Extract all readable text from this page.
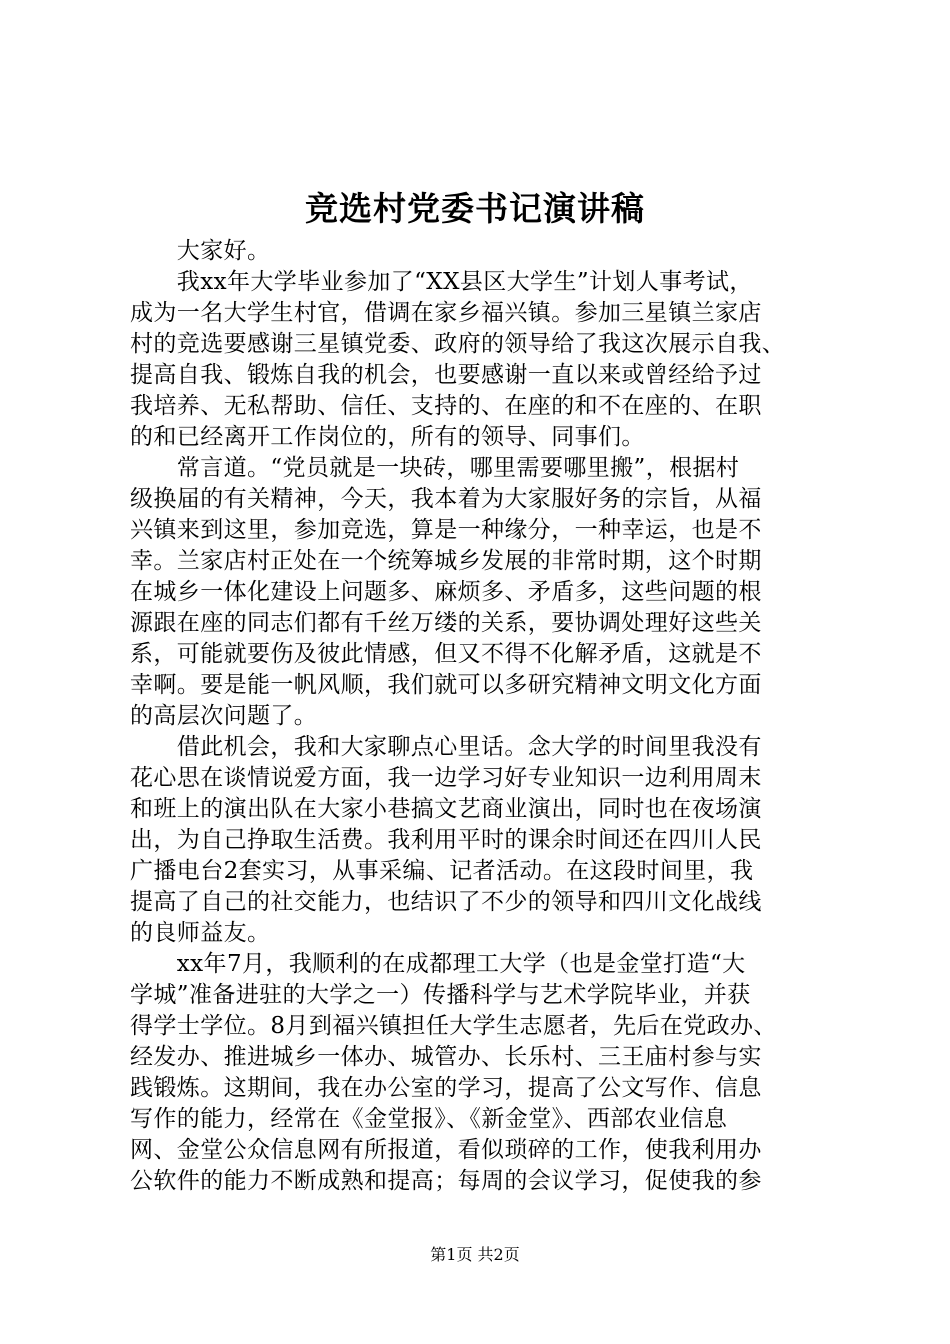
竞选村党委书记演讲稿
　　大家好。
　　我xx年大学毕业参加了“XX县区大学生”计划人事考试，
成为一名大学生村官，借调在家乡福兴镇。参加三星镇兰家店
村的竞选要感谢三星镇党委、政府的领导给了我这次展示自我、
提高自我、锻炼自我的机会，也要感谢一直以来或曾经给予过
我培养、无私帮助、信任、支持的、在座的和不在座的、在职
的和已经离开工作岗位的，所有的领导、同事们。
　　常言道。“党员就是一块砖，哪里需要哪里搬”，根据村
级换届的有关精神，今天，我本着为大家服好务的宗旨，从福
兴镇来到这里，参加竞选，算是一种缘分，一种幸运，也是不
幸。兰家店村正处在一个统筹城乡发展的非常时期，这个时期
在城乡一体化建设上问题多、麻烦多、矛盾多，这些问题的根
源跟在座的同志们都有千丝万缕的关系，要协调处理好这些关
系，可能就要伤及彼此情感，但又不得不化解矛盾，这就是不
幸啊。要是能一帆风顺，我们就可以多研究精神文明文化方面
的高层次问题了。
　　借此机会，我和大家聊点心里话。念大学的时间里我没有
花心思在谈情说爱方面，我一边学习好专业知识一边利用周末
和班上的演出队在大家小巷搞文艺商业演出，同时也在夜场演
出，为自己挣取生活费。我利用平时的课余时间还在四川人民
广播电台2套实习，从事采编、记者活动。在这段时间里，我
提高了自己的社交能力，也结识了不少的领导和四川文化战线
的良师益友。
　　xx年7月，我顺利的在成都理工大学（也是金堂打造“大
学城”准备进驻的大学之一）传播科学与艺术学院毕业，并获
得学士学位。8月到福兴镇担任大学生志愿者，先后在党政办、
经发办、推进城乡一体办、城管办、长乐村、三王庙村参与实
践锻炼。这期间，我在办公室的学习，提高了公文写作、信息
写作的能力，经常在《金堂报》、《新金堂》、西部农业信息
网、金堂公众信息网有所报道，看似琐碎的工作，使我利用办
公软件的能力不断成熟和提高；每周的会议学习，促使我的参
第1页 共2页
